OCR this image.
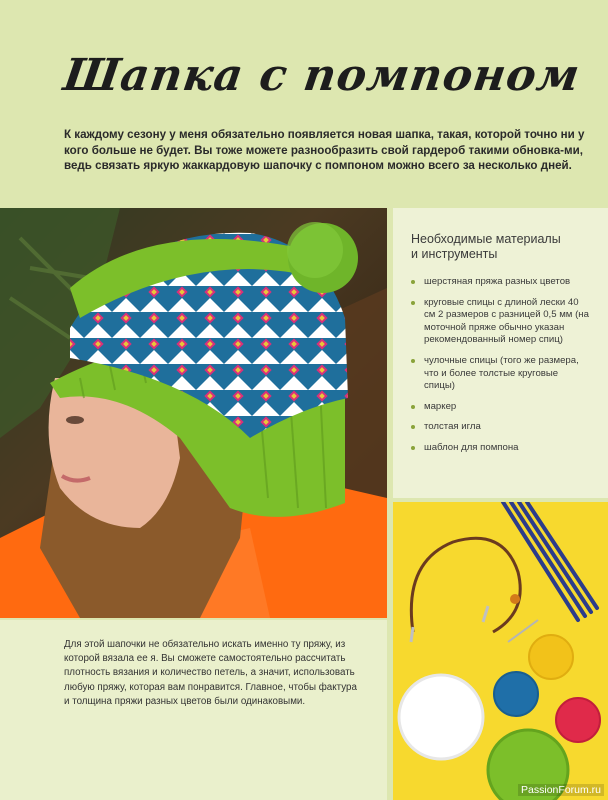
Шапка с помпоном

К каждому сезону у меня обязательно появляется новая шапка, такая, которой точно ни у кого больше не будет. Вы тоже можете разнообразить свой гардероб такими обновка-ми, ведь связать яркую жаккардовую шапочку с помпоном можно всего за несколько дней.

Необходимые материалы и инструменты
шерстяная пряжа разных цветов
круговые спицы с длиной лески 40 см 2 размеров с разницей 0,5 мм (на моточной пряже обычно указан рекомендованный номер спиц)
чулочные спицы (того же размера, что и более толстые круговые спицы)
маркер
толстая игла
шаблон для помпона

Для этой шапочки не обязательно искать именно ту пряжу, из которой вязала ее я. Вы сможете самостоятельно рассчитать плотность вязания и количество петель, а значит, использовать любую пряжу, которая вам понравится. Главное, чтобы фактура и толщина пряжи разных цветов были одинаковыми.

PassionForum.ru
